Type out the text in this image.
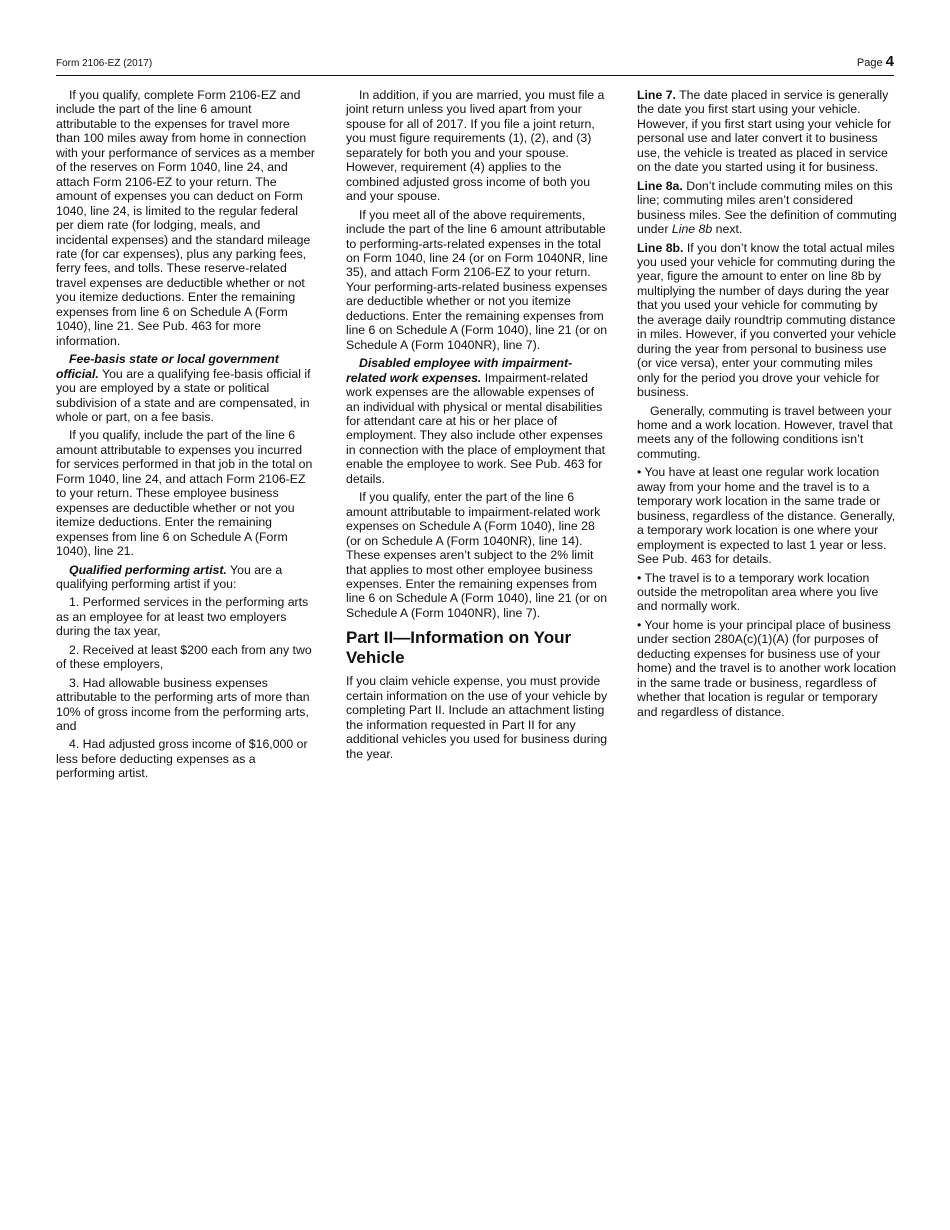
Form 2106-EZ (2017)	Page 4

If you qualify, complete Form 2106-EZ and include the part of the line 6 amount attributable to the expenses for travel more than 100 miles away from home in connection with your performance of services as a member of the reserves on Form 1040, line 24, and attach Form 2106-EZ to your return. The amount of expenses you can deduct on Form 1040, line 24, is limited to the regular federal per diem rate (for lodging, meals, and incidental expenses) and the standard mileage rate (for car expenses), plus any parking fees, ferry fees, and tolls. These reserve-related travel expenses are deductible whether or not you itemize deductions. Enter the remaining expenses from line 6 on Schedule A (Form 1040), line 21. See Pub. 463 for more information.

Fee-basis state or local government official. You are a qualifying fee-basis official if you are employed by a state or political subdivision of a state and are compensated, in whole or part, on a fee basis.

If you qualify, include the part of the line 6 amount attributable to expenses you incurred for services performed in that job in the total on Form 1040, line 24, and attach Form 2106-EZ to your return. These employee business expenses are deductible whether or not you itemize deductions. Enter the remaining expenses from line 6 on Schedule A (Form 1040), line 21.

Qualified performing artist. You are a qualifying performing artist if you:

1. Performed services in the performing arts as an employee for at least two employers during the tax year,

2. Received at least $200 each from any two of these employers,

3. Had allowable business expenses attributable to the performing arts of more than 10% of gross income from the performing arts, and

4. Had adjusted gross income of $16,000 or less before deducting expenses as a performing artist.

In addition, if you are married, you must file a joint return unless you lived apart from your spouse for all of 2017. If you file a joint return, you must figure requirements (1), (2), and (3) separately for both you and your spouse. However, requirement (4) applies to the combined adjusted gross income of both you and your spouse.

If you meet all of the above requirements, include the part of the line 6 amount attributable to performing-arts-related expenses in the total on Form 1040, line 24 (or on Form 1040NR, line 35), and attach Form 2106-EZ to your return. Your performing-arts-related business expenses are deductible whether or not you itemize deductions. Enter the remaining expenses from line 6 on Schedule A (Form 1040), line 21 (or on Schedule A (Form 1040NR), line 7).

Disabled employee with impairment-related work expenses. Impairment-related work expenses are the allowable expenses of an individual with physical or mental disabilities for attendant care at his or her place of employment. They also include other expenses in connection with the place of employment that enable the employee to work. See Pub. 463 for details.

If you qualify, enter the part of the line 6 amount attributable to impairment-related work expenses on Schedule A (Form 1040), line 28 (or on Schedule A (Form 1040NR), line 14). These expenses aren’t subject to the 2% limit that applies to most other employee business expenses. Enter the remaining expenses from line 6 on Schedule A (Form 1040), line 21 (or on Schedule A (Form 1040NR), line 7).

Part II—Information on Your Vehicle

If you claim vehicle expense, you must provide certain information on the use of your vehicle by completing Part II. Include an attachment listing the information requested in Part II for any additional vehicles you used for business during the year.

Line 7. The date placed in service is generally the date you first start using your vehicle. However, if you first start using your vehicle for personal use and later convert it to business use, the vehicle is treated as placed in service on the date you started using it for business.

Line 8a. Don’t include commuting miles on this line; commuting miles aren’t considered business miles. See the definition of commuting under Line 8b next.

Line 8b. If you don’t know the total actual miles you used your vehicle for commuting during the year, figure the amount to enter on line 8b by multiplying the number of days during the year that you used your vehicle for commuting by the average daily roundtrip commuting distance in miles. However, if you converted your vehicle during the year from personal to business use (or vice versa), enter your commuting miles only for the period you drove your vehicle for business.

Generally, commuting is travel between your home and a work location. However, travel that meets any of the following conditions isn’t commuting.

• You have at least one regular work location away from your home and the travel is to a temporary work location in the same trade or business, regardless of the distance. Generally, a temporary work location is one where your employment is expected to last 1 year or less. See Pub. 463 for details.

• The travel is to a temporary work location outside the metropolitan area where you live and normally work.

• Your home is your principal place of business under section 280A(c)(1)(A) (for purposes of deducting expenses for business use of your home) and the travel is to another work location in the same trade or business, regardless of whether that location is regular or temporary and regardless of distance.
